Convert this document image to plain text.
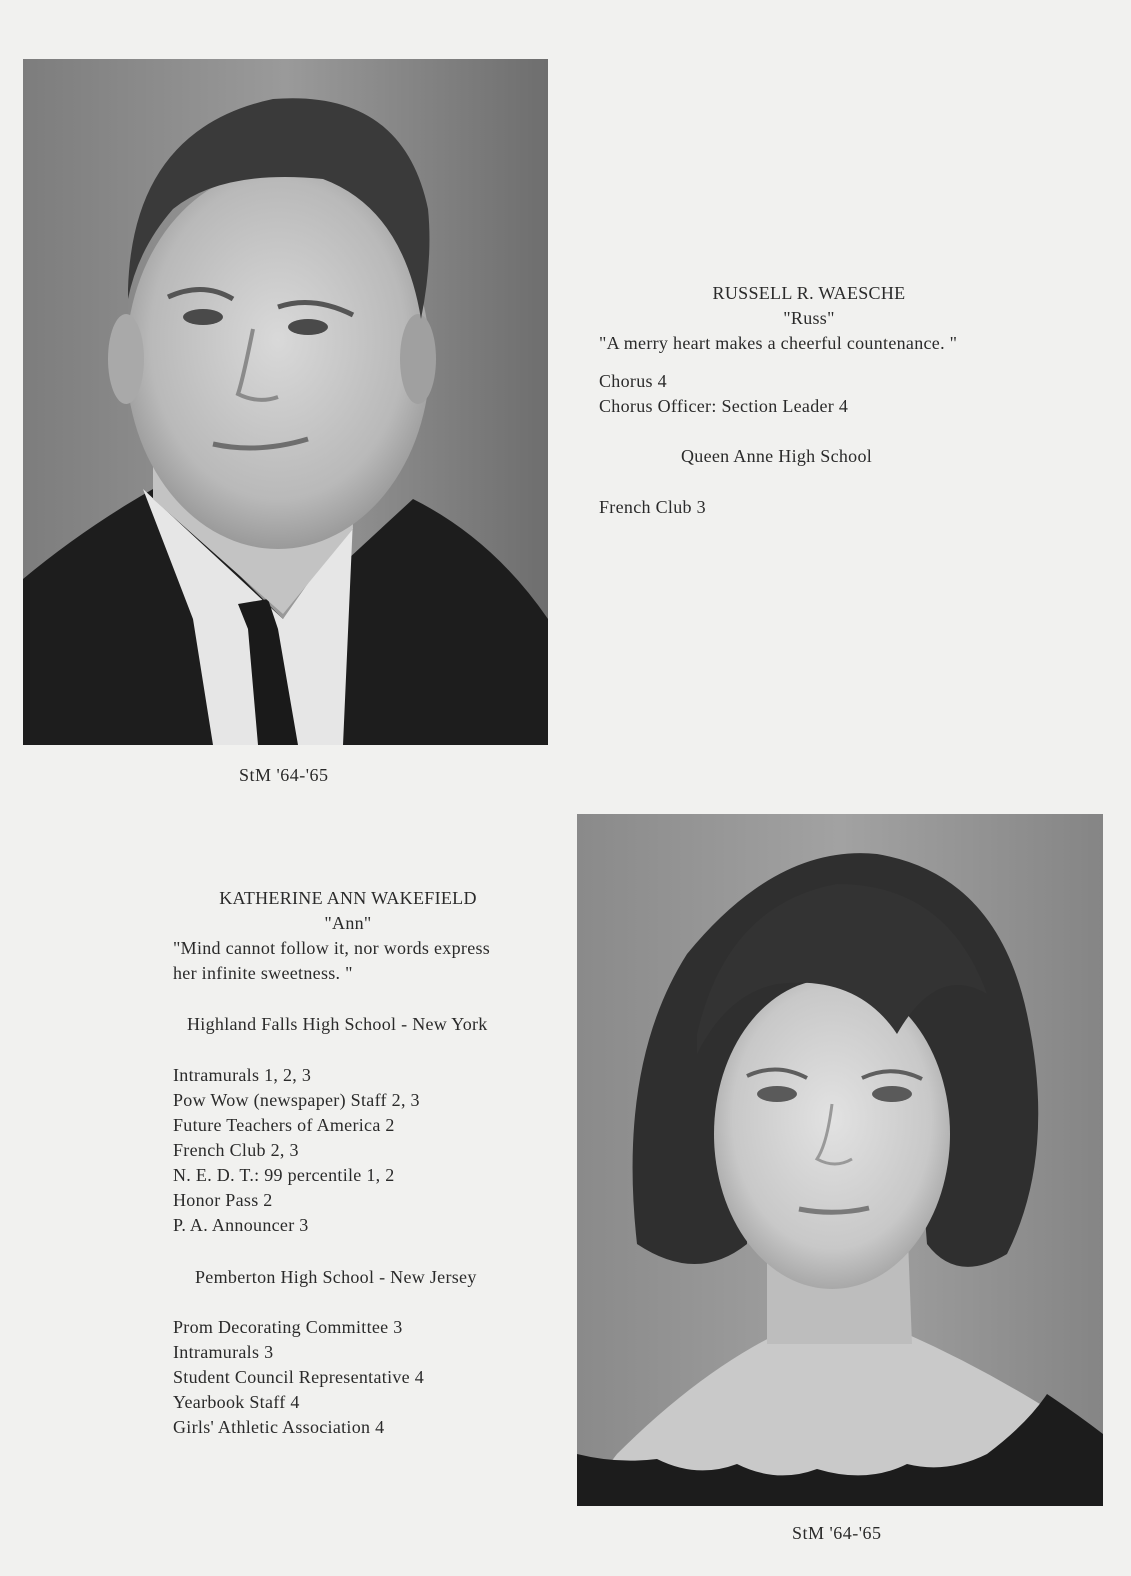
RUSSELL R. WAESCHE
"Russ"
"A merry heart makes a cheerful countenance. "
Chorus 4
Chorus Officer: Section Leader 4
Queen Anne High School
French Club 3
StM '64-'65
KATHERINE ANN WAKEFIELD
"Ann"
"Mind cannot follow it, nor words express
her infinite sweetness. "
Highland Falls High School - New York
Intramurals 1, 2, 3
Pow Wow (newspaper) Staff 2, 3
Future Teachers of America 2
French Club 2, 3
N. E. D. T.: 99 percentile 1, 2
Honor Pass 2
P. A. Announcer 3
Pemberton High School - New Jersey
Prom Decorating Committee 3
Intramurals 3
Student Council Representative 4
Yearbook Staff 4
Girls' Athletic Association 4
StM '64-'65
